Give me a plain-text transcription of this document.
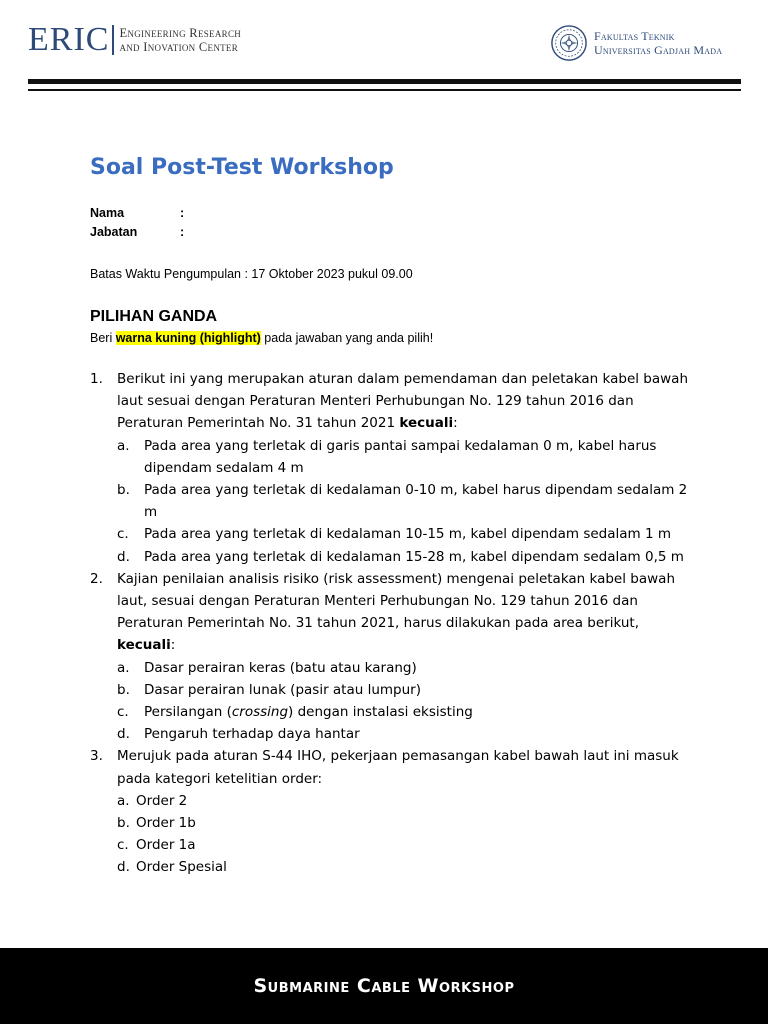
ERIC Engineering Research
and Inovation Center
Fakultas Teknik
Universitas Gadjah Mada
Soal Post-Test Workshop
Nama	:
Jabatan	:
Batas Waktu Pengumpulan : 17 Oktober 2023 pukul 09.00
PILIHAN GANDA
Beri warna kuning (highlight) pada jawaban yang anda pilih!
1.	Berikut ini yang merupakan aturan dalam pemendaman dan peletakan kabel bawah laut sesuai dengan Peraturan Menteri Perhubungan No. 129 tahun 2016 dan Peraturan Pemerintah No. 31 tahun 2021 kecuali:
a.	Pada area yang terletak di garis pantai sampai kedalaman 0 m, kabel harus dipendam sedalam 4 m
b.	Pada area yang terletak di kedalaman 0-10 m, kabel harus dipendam sedalam 2 m
c.	Pada area yang terletak di kedalaman 10-15 m, kabel dipendam sedalam 1 m
d.	Pada area yang terletak di kedalaman 15-28 m, kabel dipendam sedalam 0,5 m
2.	Kajian penilaian analisis risiko (risk assessment) mengenai peletakan kabel bawah laut, sesuai dengan Peraturan Menteri Perhubungan No. 129 tahun 2016 dan Peraturan Pemerintah No. 31 tahun 2021, harus dilakukan pada area berikut, kecuali:
a.	Dasar perairan keras (batu atau karang)
b.	Dasar perairan lunak (pasir atau lumpur)
c.	Persilangan (crossing) dengan instalasi eksisting
d.	Pengaruh terhadap daya hantar
3.	Merujuk pada aturan S-44 IHO, pekerjaan pemasangan kabel bawah laut ini masuk pada kategori ketelitian order:
a. Order 2
b. Order 1b
c. Order 1a
d. Order Spesial
Submarine Cable Workshop
